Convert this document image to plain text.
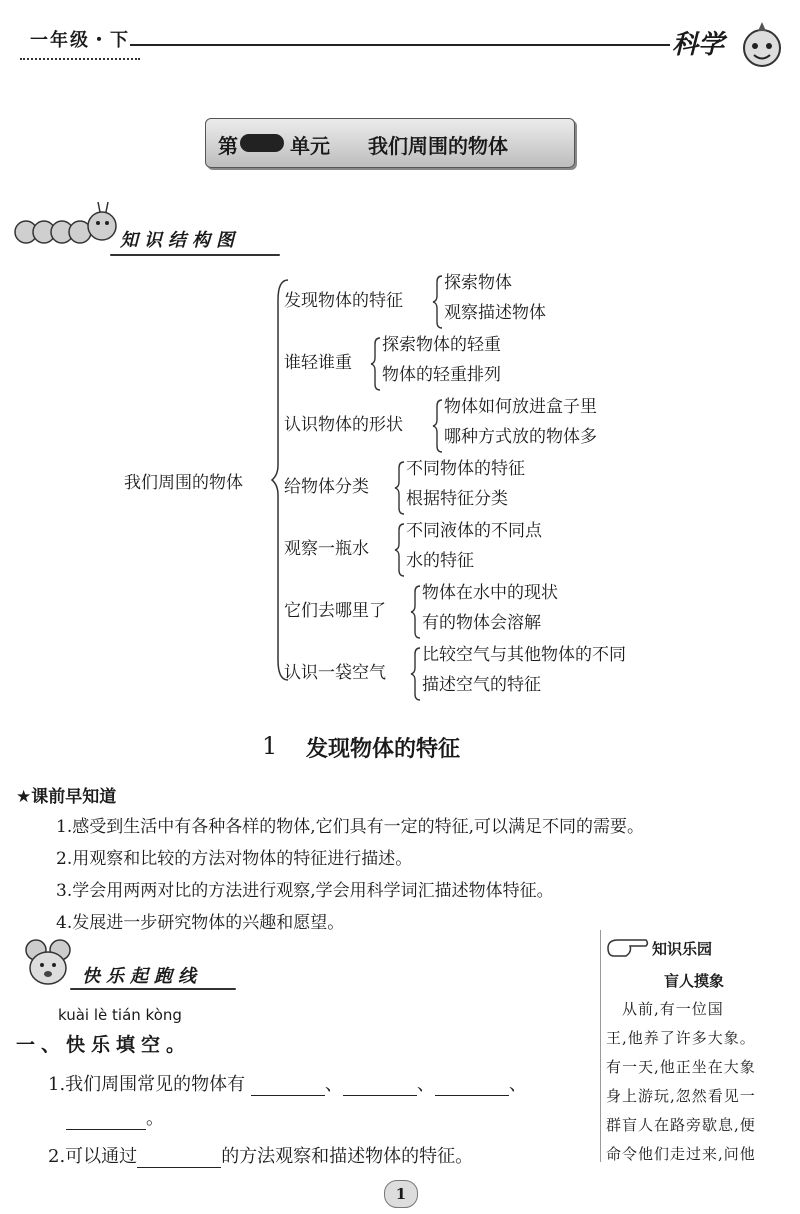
一年级・下	科学
第	单元 我们周围的物体
知识结构图
我们周围的物体
发现物体的特征
探索物体
观察描述物体
谁轻谁重
探索物体的轻重
物体的轻重排列
认识物体的形状
物体如何放进盒子里
哪种方式放的物体多
给物体分类
不同物体的特征
根据特征分类
观察一瓶水
不同液体的不同点
水的特征
它们去哪里了
物体在水中的现状
有的物体会溶解
认识一袋空气
比较空气与其他物体的不同
描述空气的特征
1 发现物体的特征
★课前早知道
1.感受到生活中有各种各样的物体,它们具有一定的特征,可以满足不同的需要。
2.用观察和比较的方法对物体的特征进行描述。
3.学会用两两对比的方法进行观察,学会用科学词汇描述物体特征。
4.发展进一步研究物体的兴趣和愿望。
快乐起跑线
kuài lè tián kòng
一、快乐填空。
1.我们周围常见的物体有	、	、	、
。
2.可以通过	的方法观察和描述物体的特征。
知识乐园
盲人摸象
从前,有一位国
王,他养了许多大象。
有一天,他正坐在大象
身上游玩,忽然看见一
群盲人在路旁歇息,便
命令他们走过来,问他
1
